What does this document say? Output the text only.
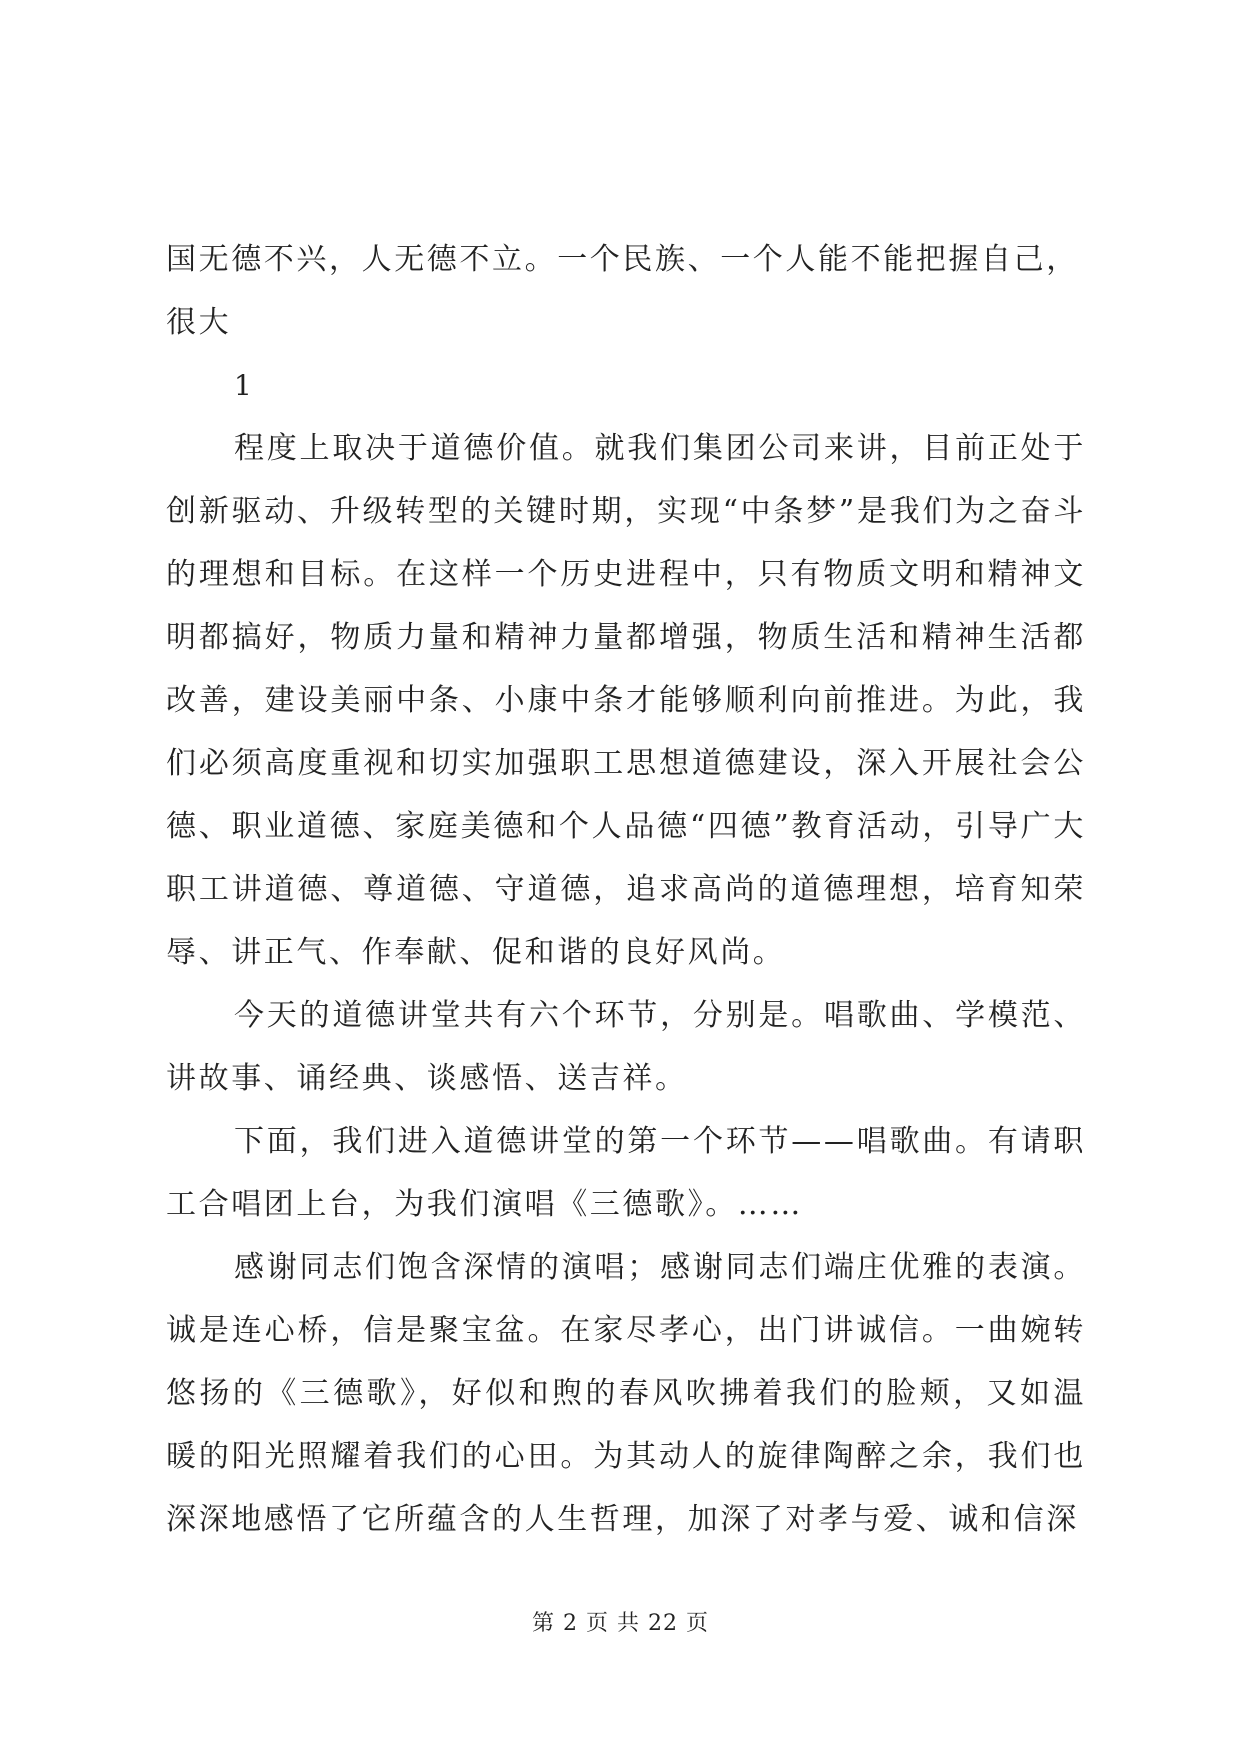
国无德不兴，人无德不立。一个民族、一个人能不能把握自己，
很大

1

程度上取决于道德价值。就我们集团公司来讲，目前正处于创新驱动、升级转型的关键时期，实现“中条梦”是我们为之奋斗的理想和目标。在这样一个历史进程中，只有物质文明和精神文明都搞好，物质力量和精神力量都增强，物质生活和精神生活都改善，建设美丽中条、小康中条才能够顺利向前推进。为此，我们必须高度重视和切实加强职工思想道德建设，深入开展社会公德、职业道德、家庭美德和个人品德“四德”教育活动，引导广大职工讲道德、尊道德、守道德，追求高尚的道德理想，培育知荣辱、讲正气、作奉献、促和谐的良好风尚。

今天的道德讲堂共有六个环节，分别是。唱歌曲、学模范、讲故事、诵经典、谈感悟、送吉祥。

下面，我们进入道德讲堂的第一个环节——唱歌曲。有请职工合唱团上台，为我们演唱《三德歌》。……

感谢同志们饱含深情的演唱；感谢同志们端庄优雅的表演。诚是连心桥，信是聚宝盆。在家尽孝心，出门讲诚信。一曲婉转悠扬的《三德歌》，好似和煦的春风吹拂着我们的脸颊，又如温暖的阳光照耀着我们的心田。为其动人的旋律陶醉之余，我们也深深地感悟了它所蕴含的人生哲理，加深了对孝与爱、诚和信深

第 2 页 共 22 页
